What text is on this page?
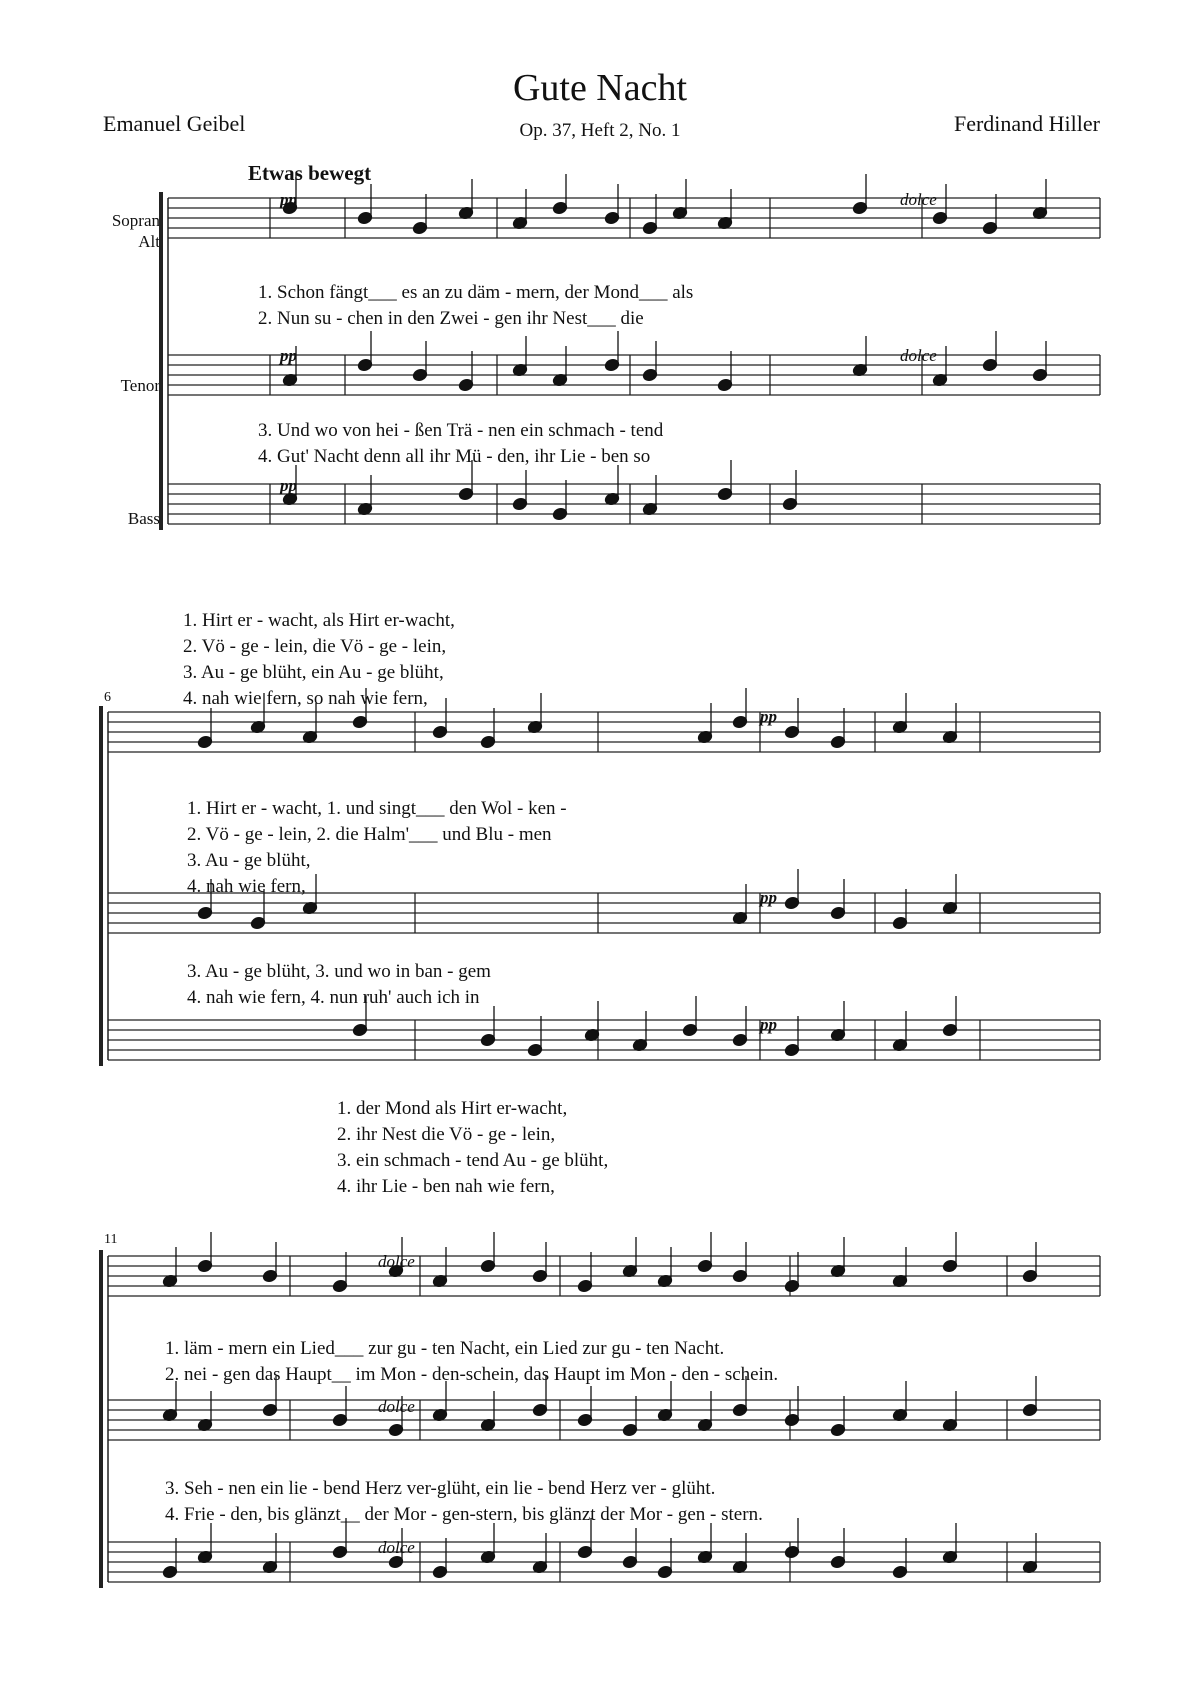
Gute Nacht
Op. 37, Heft 2, No. 1
Emanuel Geibel	Ferdinand Hiller
Etwas bewegt
Sopran
Alt
Tenor
Bass
1. Schon fängt___ es an zu däm - mern, der Mond___ als
2. Nun su - chen in den Zwei - gen ihr Nest___ die
3. Und wo von hei - ßen Trä - nen ein schmach - tend
4. Gut' Nacht denn all ihr Mü - den, ihr Lie - ben so
1. Hirt er - wacht, als Hirt er-wacht,
2. Vö - ge - lein, die Vö - ge - lein,
3. Au - ge blüht, ein Au - ge blüht,
4. nah wie fern, so nah wie fern,
6
1. Hirt er - wacht, 1. und singt___ den Wol - ken -
2. Vö - ge - lein, 2. die Halm'___ und Blu - men
3. Au - ge blüht,
4. nah wie fern,
3. Au - ge blüht, 3. und wo in ban - gem
4. nah wie fern, 4. nun ruh' auch ich in
1. der Mond als Hirt er-wacht,
2. ihr Nest die Vö - ge - lein,
3. ein schmach - tend Au - ge blüht,
4. ihr Lie - ben nah wie fern,
11
1. läm - mern ein Lied___ zur gu - ten Nacht, ein Lied zur gu - ten Nacht.
2. nei - gen das Haupt__ im Mon - den-schein, das Haupt im Mon - den - schein.
3. Seh - nen ein lie - bend Herz ver-glüht, ein lie - bend Herz ver - glüht.
4. Frie - den, bis glänzt__ der Mor - gen-stern, bis glänzt der Mor - gen - stern.
pp
pp
pp
dolce
dolce
dolce
dolce
dolce
pp
pp
pp
